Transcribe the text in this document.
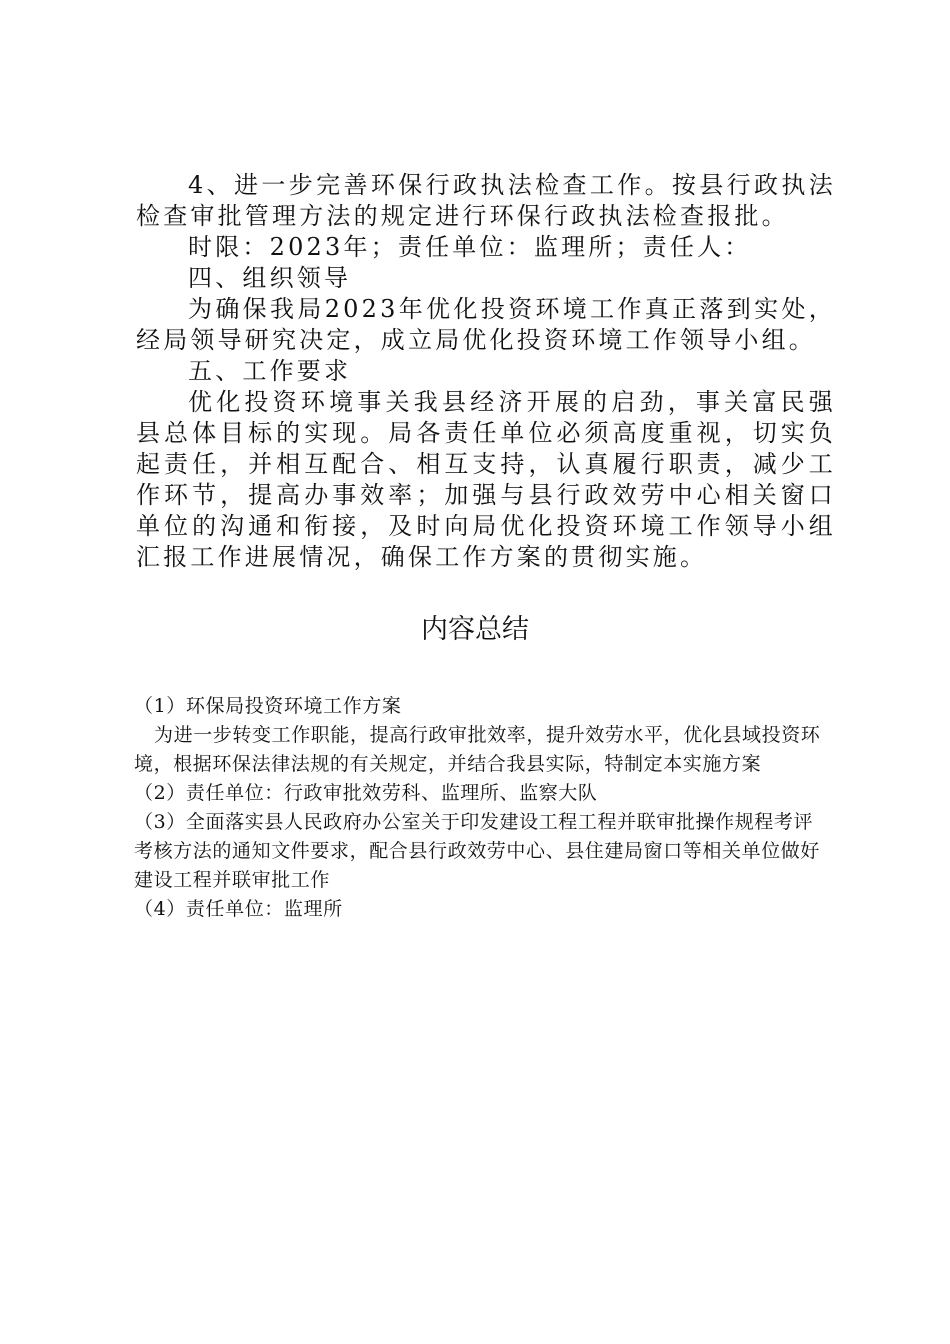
4、进一步完善环保行政执法检查工作。按县行政执法检查审批管理方法的规定进行环保行政执法检查报批。

时限：2023年；责任单位：监理所；责任人：

四、组织领导

为确保我局2023年优化投资环境工作真正落到实处，经局领导研究决定，成立局优化投资环境工作领导小组。

五、工作要求

优化投资环境事关我县经济开展的启劲，事关富民强县总体目标的实现。局各责任单位必须高度重视，切实负起责任，并相互配合、相互支持，认真履行职责，减少工作环节，提高办事效率；加强与县行政效劳中心相关窗口单位的沟通和衔接，及时向局优化投资环境工作领导小组汇报工作进展情况，确保工作方案的贯彻实施。

内容总结

（1）环保局投资环境工作方案

为进一步转变工作职能，提高行政审批效率，提升效劳水平，优化县域投资环境，根据环保法律法规的有关规定，并结合我县实际，特制定本实施方案

（2）责任单位：行政审批效劳科、监理所、监察大队

（3）全面落实县人民政府办公室关于印发建设工程工程并联审批操作规程考评考核方法的通知文件要求，配合县行政效劳中心、县住建局窗口等相关单位做好建设工程并联审批工作

（4）责任单位：监理所
